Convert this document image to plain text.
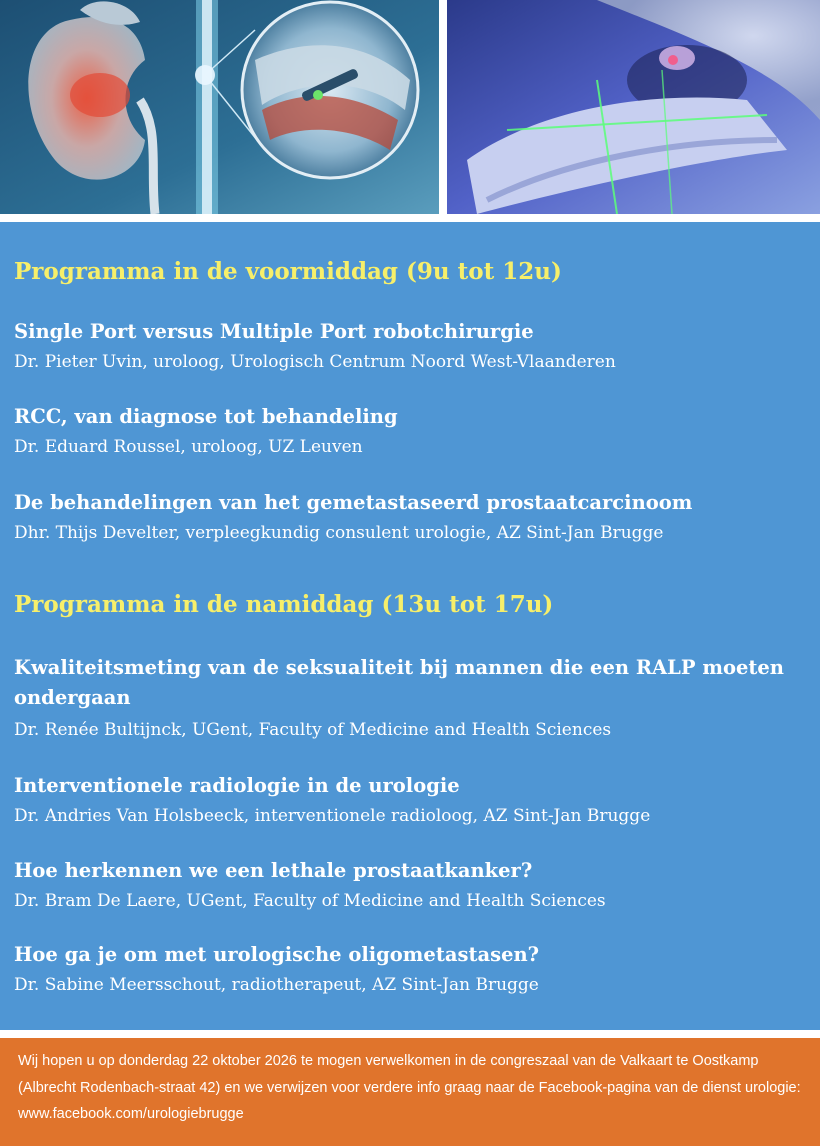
Programma in de voormiddag (9u tot 12u)
Single Port versus Multiple Port robotchirurgie
Dr. Pieter Uvin, uroloog, Urologisch Centrum Noord West-Vlaanderen
RCC, van diagnose tot behandeling
Dr. Eduard Roussel, uroloog, UZ Leuven
De behandelingen van het gemetastaseerd prostaatcarcinoom
Dhr. Thijs Develter, verpleegkundig consulent urologie, AZ Sint-Jan Brugge
Programma in de namiddag (13u tot 17u)
Kwaliteitsmeting van de seksualiteit bij mannen die een RALP moeten ondergaan
Dr. Renée Bultijnck, UGent, Faculty of Medicine and Health Sciences
Interventionele radiologie in de urologie
Dr. Andries Van Holsbeeck, interventionele radioloog, AZ Sint-Jan Brugge
Hoe herkennen we een lethale prostaatkanker?
Dr. Bram De Laere, UGent, Faculty of Medicine and Health Sciences
Hoe ga je om met urologische oligometastasen?
Dr. Sabine Meersschout, radiotherapeut, AZ Sint-Jan Brugge
Wij hopen u op donderdag 22 oktober 2026 te mogen verwelkomen in de congreszaal van de Valkaart te Oostkamp (Albrecht Rodenbach-straat 42) en we verwijzen voor verdere info graag naar de Facebook-pagina van de dienst urologie: www.facebook.com/urologiebrugge
